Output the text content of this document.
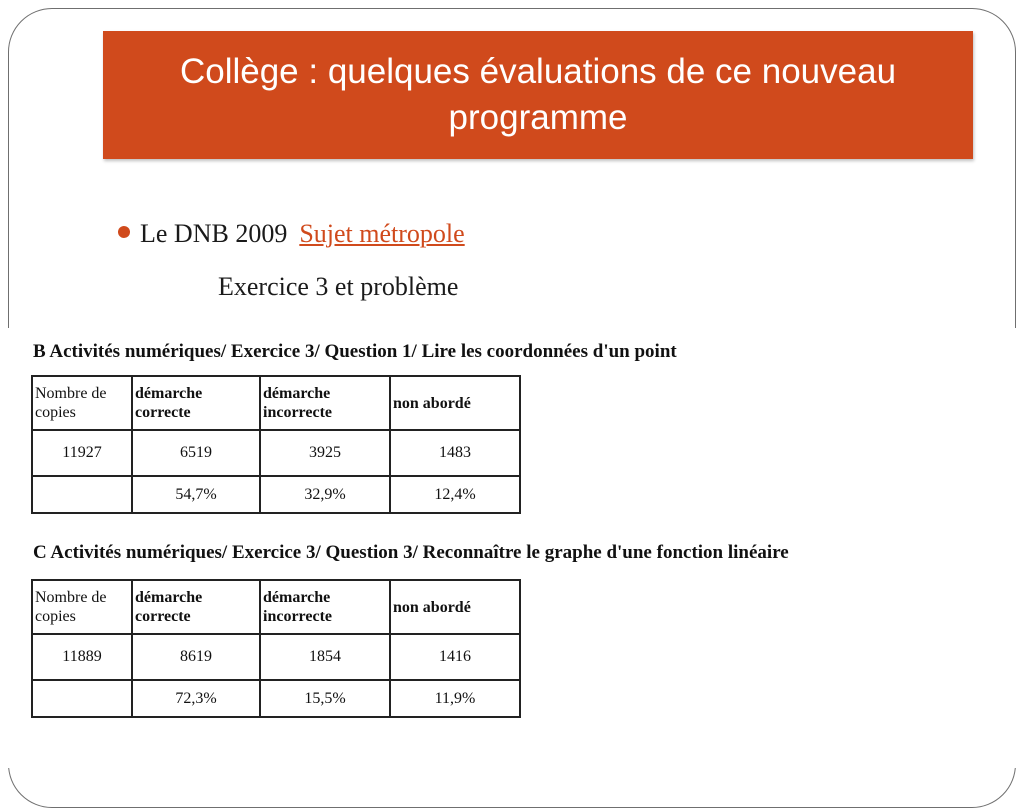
Collège : quelques évaluations de ce nouveau programme
Le DNB 2009 Sujet métropole
Exercice 3 et problème
B Activités numériques/ Exercice 3/ Question 1/ Lire les coordonnées d'un point
Nombre de copies	démarche correcte	démarche incorrecte	non abordé
11927	6519	3925	1483
	54,7%	32,9%	12,4%
C Activités numériques/ Exercice 3/ Question 3/ Reconnaître le graphe d'une fonction linéaire
Nombre de copies	démarche correcte	démarche incorrecte	non abordé
11889	8619	1854	1416
	72,3%	15,5%	11,9%
